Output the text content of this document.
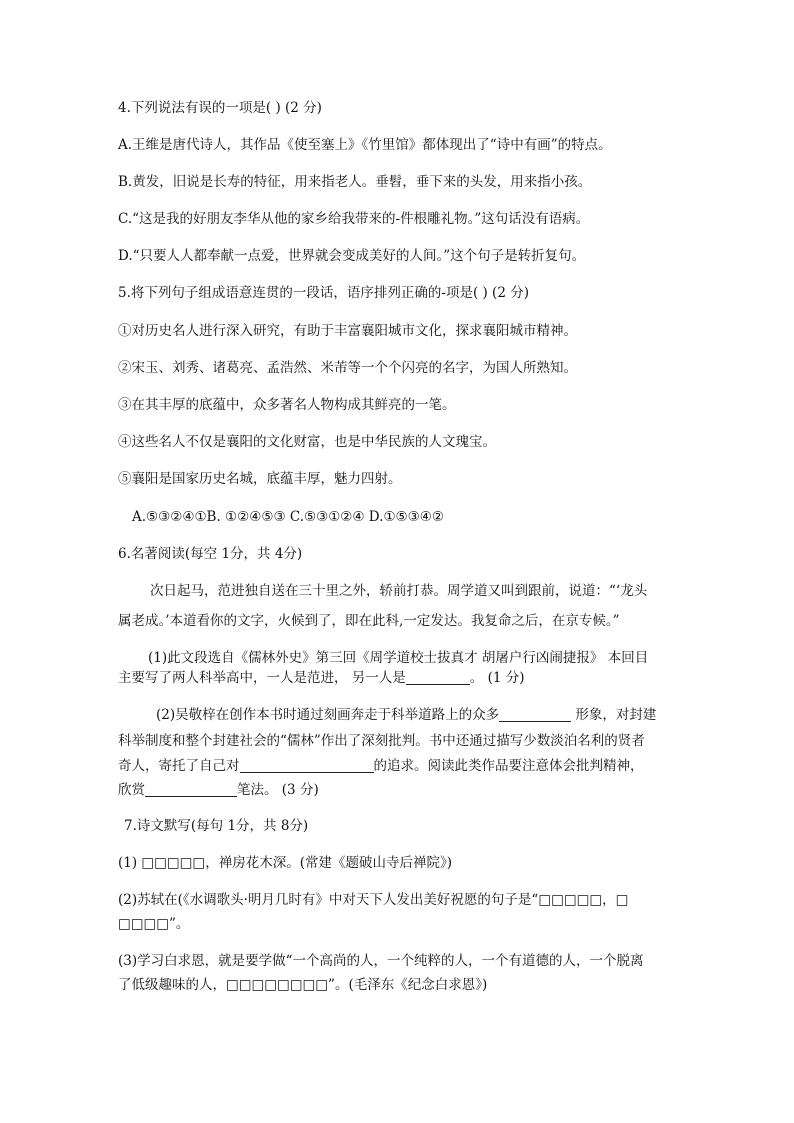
4.下列说法有误的一项是( ) (2 分)
A.王维是唐代诗人，其作品《使至塞上》《竹里馆》都体现出了“诗中有画”的特点。
B.黄发，旧说是长寿的特征，用来指老人。垂髫，垂下来的头发，用来指小孩。
C.“这是我的好朋友李华从他的家乡给我带来的-件根雕礼物。”这句话没有语病。
D.“只要人人都奉献一点爱，世界就会变成美好的人间。”这个句子是转折复句。
5.将下列句子组成语意连贯的一段话，语序排列正确的-项是( ) (2 分)
①对历史名人进行深入研究，有助于丰富襄阳城市文化，探求襄阳城市精神。
②宋玉、刘秀、诸葛亮、孟浩然、米芾等一个个闪亮的名字，为国人所熟知。
③在其丰厚的底蕴中，众多著名人物构成其鲜亮的一笔。
④这些名人不仅是襄阳的文化财富，也是中华民族的人文瑰宝。
⑤襄阳是国家历史名城，底蕴丰厚，魅力四射。
A.⑤③②④①B. ①②④⑤③ C.⑤③①②④ D.①⑤③④②
6.名著阅读(每空 1分，共 4分)
次日起马，范进独自送在三十里之外，轿前打恭。周学道又叫到跟前，说道：“‘龙头
属老成。’本道看你的文字，火候到了，即在此科,一定发达。我复命之后，在京专候。”
(1)此文段选自《儒林外史》第三回《周学道校士拔真才 胡屠户行凶闹捷报》 本回目
主要写了两人科举高中，一人是范进， 另一人是	。 (1 分)
(2)吴敬梓在创作本书时通过刻画奔走于科举道路上的众多	形象，对封建
科举制度和整个封建社会的“儒林”作出了深刻批判。书中还通过描写少数淡泊名利的贤者
奇人，寄托了自己对	的追求。阅读此类作品要注意体会批判精神，
欣赏	笔法。 (3 分)
7.诗文默写(每句 1分，共 8分)
(1) □□□□□，禅房花木深。(常建《题破山寺后禅院》)
(2)苏轼在(《水调歌头·明月几时有》中对天下人发出美好祝愿的句子是“□□□□□，□
□□□□”。
(3)学习白求恩，就是要学做“一个高尚的人，一个纯粹的人，一个有道德的人，一个脱离
了低级趣味的人，□□□□□□□□”。(毛泽东《纪念白求恩》)
